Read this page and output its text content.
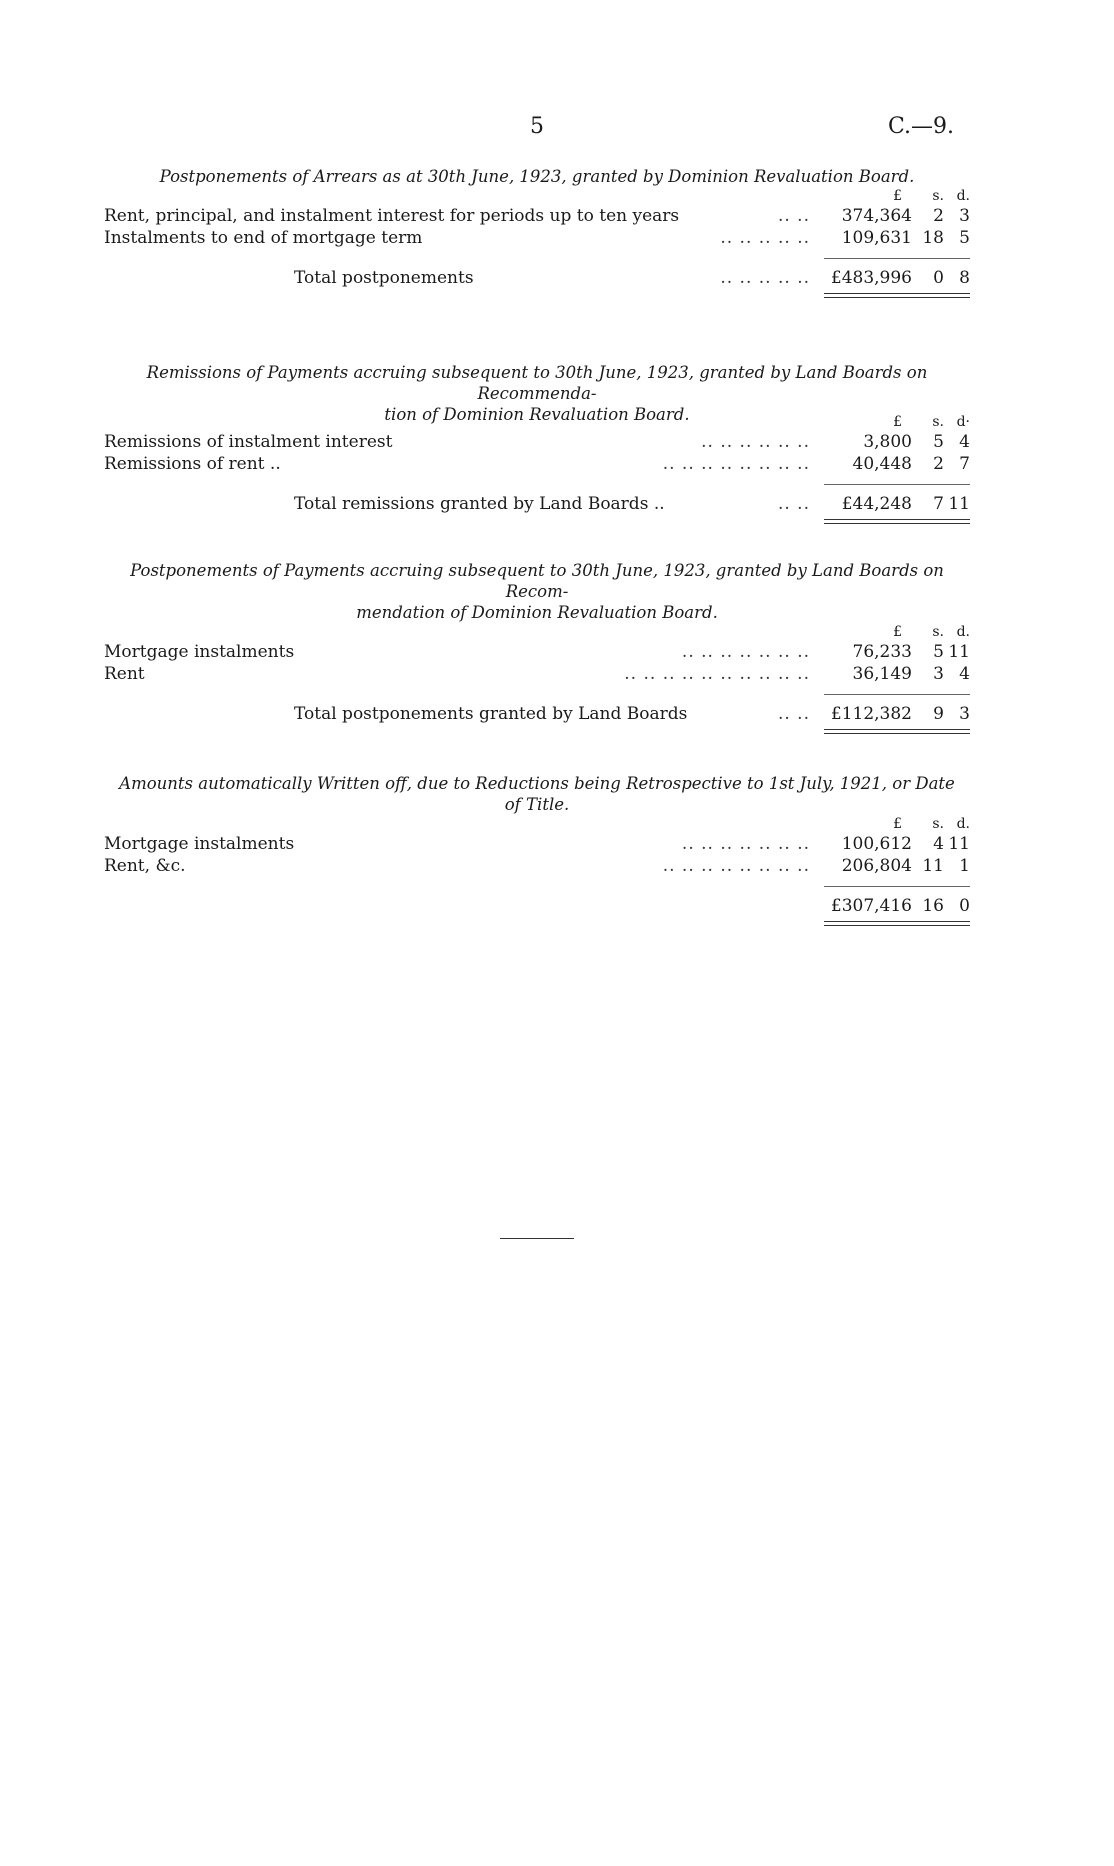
5	C.—9.

Postponements of Arrears as at 30th June, 1923, granted by Dominion Revaluation Board.

£	s. d.
Rent, principal, and instalment interest for periods up to ten years	.. .. 374,364	2 3
Instalments to end of mortgage term	.. .. .. .. .. 109,631 18 5
Total postponements	.. .. .. .. .. £483,996	0 8

Remissions of Payments accruing subsequent to 30th June, 1923, granted by Land Boards on Recommenda-
tion of Dominion Revaluation Board.	£	s. d·
Remissions of instalment interest	.. .. .. .. .. ..	3,800	5 4
Remissions of rent ..	.. .. .. .. .. .. .. ..	40,448	2 7
Total remissions granted by Land Boards ..	.. .. £44,248	7 11

Postponements of Payments accruing subsequent to 30th June, 1923, granted by Land Boards on Recom-
mendation of Dominion Revaluation Board.

£	s. d.
Mortgage instalments	.. .. .. .. .. .. ..	76,233	5 11
Rent	.. .. .. .. .. .. .. .. .. ..	36,149	3 4
Total postponements granted by Land Boards	.. .. £112,382	9 3

Amounts automatically Written off, due to Reductions being Retrospective to 1st July, 1921, or Date
of Title.

£	s. d.
Mortgage instalments	.. .. .. .. .. .. .. 100,612	4 11
Rent, &c.	.. .. .. .. .. .. .. .. 206,804 11 1
£307,416 16 0
